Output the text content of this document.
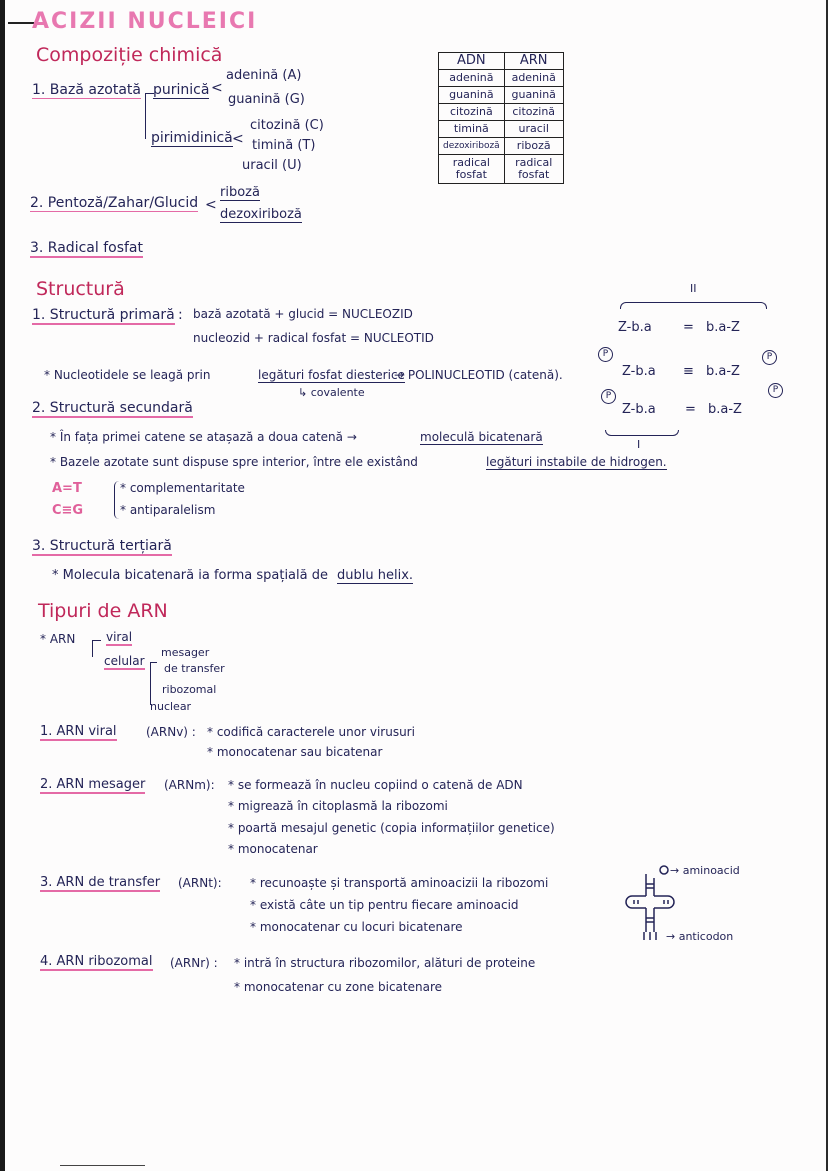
ACIZII NUCLEICI
Compoziție chimică
1. Bază azotată purinică <
adenină (A)
guanină (G)
pirimidinică <
citozină (C)
timină (T)
uracil (U)
2. Pentoză/Zahar/Glucid <
riboză
dezoxiriboză
3. Radical fosfat
ADN	ARN
adenină	adenină
guanină	guanină
citozină	citozină
timină	uracil
dezoxiriboză	riboză
radical fosfat	radical fosfat
Structură
1. Structură primară : bază azotată + glucid = NUCLEOZID
nucleozid + radical fosfat = NUCLEOTID
* Nucleotidele se leagă prin	legături fosfat diesterice
→ POLINUCLEOTID (catenă).
↳ covalente
2. Structură secundară
* În fața primei catene se atașază a doua catenă →	moleculă bicatenară
* Bazele azotate sunt dispuse spre interior, între ele existând	legături instabile de hidrogen.
A=T
C≡G
* complementaritate
* antiparalelism
3. Structură terțiară
* Molecula bicatenară ia forma spațială de dublu helix.
II
Z-b.a = b.a-Z
Z-b.a ≡ b.a-Z
Z-b.a = b.a-Z
P
P
P
P
I
Tipuri de ARN
* ARN	viral
celular
mesager
de transfer
ribozomal
nuclear
1. ARN viral (ARNv) : * codifică caracterele unor virusuri
* monocatenar sau bicatenar
2. ARN mesager (ARNm): * se formează în nucleu copiind o catenă de ADN
* migrează în citoplasmă la ribozomi
* poartă mesajul genetic (copia informațiilor genetice)
* monocatenar
3. ARN de transfer (ARNt): * recunoaște și transportă aminoacizii la ribozomi
* există câte un tip pentru fiecare aminoacid
* monocatenar cu locuri bicatenare
4. ARN ribozomal (ARNr) : * intră în structura ribozomilor, alături de proteine
* monocatenar cu zone bicatenare
→ aminoacid
→ anticodon
